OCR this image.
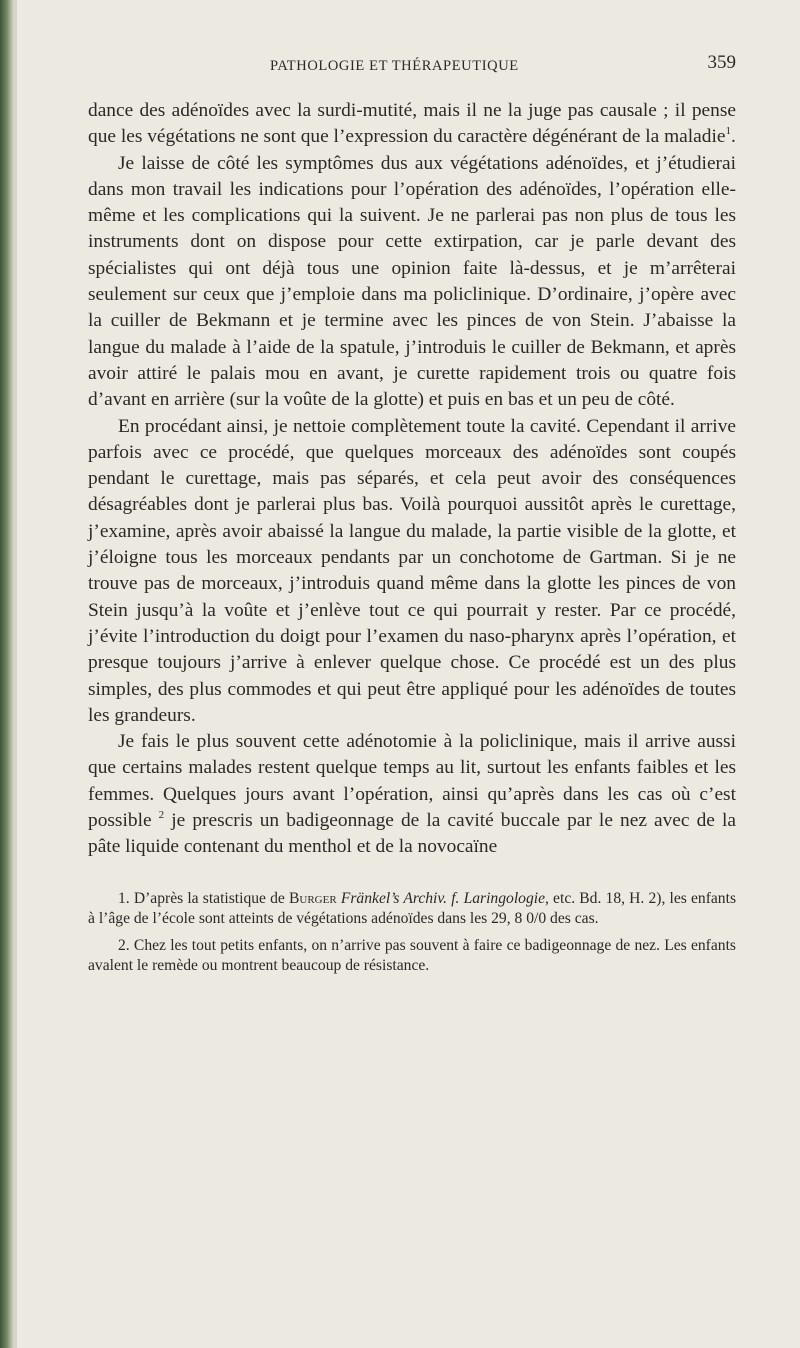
PATHOLOGIE ET THÉRAPEUTIQUE	359

dance des adénoïdes avec la surdi-mutité, mais il ne la juge pas causale ; il pense que les végétations ne sont que l’expression du caractère dégénérant de la maladie$^1$.

Je laisse de côté les symptômes dus aux végétations adénoïdes, et j’étudierai dans mon travail les indications pour l’opération des adénoïdes, l’opération elle-même et les complications qui la suivent. Je ne parlerai pas non plus de tous les instruments dont on dispose pour cette extirpation, car je parle devant des spécialistes qui ont déjà tous une opinion faite là-dessus, et je m’arrêterai seulement sur ceux que j’emploie dans ma policlinique. D’ordinaire, j’opère avec la cuiller de Bekmann et je termine avec les pinces de von Stein. J’abaisse la langue du malade à l’aide de la spatule, j’introduis le cuiller de Bekmann, et après avoir attiré le palais mou en avant, je curette rapidement trois ou quatre fois d’avant en arrière (sur la voûte de la glotte) et puis en bas et un peu de côté.

En procédant ainsi, je nettoie complètement toute la cavité. Cependant il arrive parfois avec ce procédé, que quelques morceaux des adénoïdes sont coupés pendant le curettage, mais pas séparés, et cela peut avoir des conséquences désagréables dont je parlerai plus bas. Voilà pourquoi aussitôt après le curettage, j’examine, après avoir abaissé la langue du malade, la partie visible de la glotte, et j’éloigne tous les morceaux pendants par un conchotome de Gartman. Si je ne trouve pas de morceaux, j’introduis quand même dans la glotte les pinces de von Stein jusqu’à la voûte et j’enlève tout ce qui pourrait y rester. Par ce procédé, j’évite l’introduction du doigt pour l’examen du naso-pharynx après l’opération, et presque toujours j’arrive à enlever quelque chose. Ce procédé est un des plus simples, des plus commodes et qui peut être appliqué pour les adénoïdes de toutes les grandeurs.

Je fais le plus souvent cette adénotomie à la policlinique, mais il arrive aussi que certains malades restent quelque temps au lit, surtout les enfants faibles et les femmes. Quelques jours avant l’opération, ainsi qu’après dans les cas où c’est possible $^2$ je prescris un badigeonnage de la cavité buccale par le nez avec de la pâte liquide contenant du menthol et de la novocaïne

1. D’après la statistique de Burger Fränkel’s Archiv. f. Laringologie, etc. Bd. 18, H. 2), les enfants à l’âge de l’école sont atteints de végétations adénoïdes dans les 29, 8 0/0 des cas.

2. Chez les tout petits enfants, on n’arrive pas souvent à faire ce badigeonnage de nez. Les enfants avalent le remède ou montrent beaucoup de résistance.
